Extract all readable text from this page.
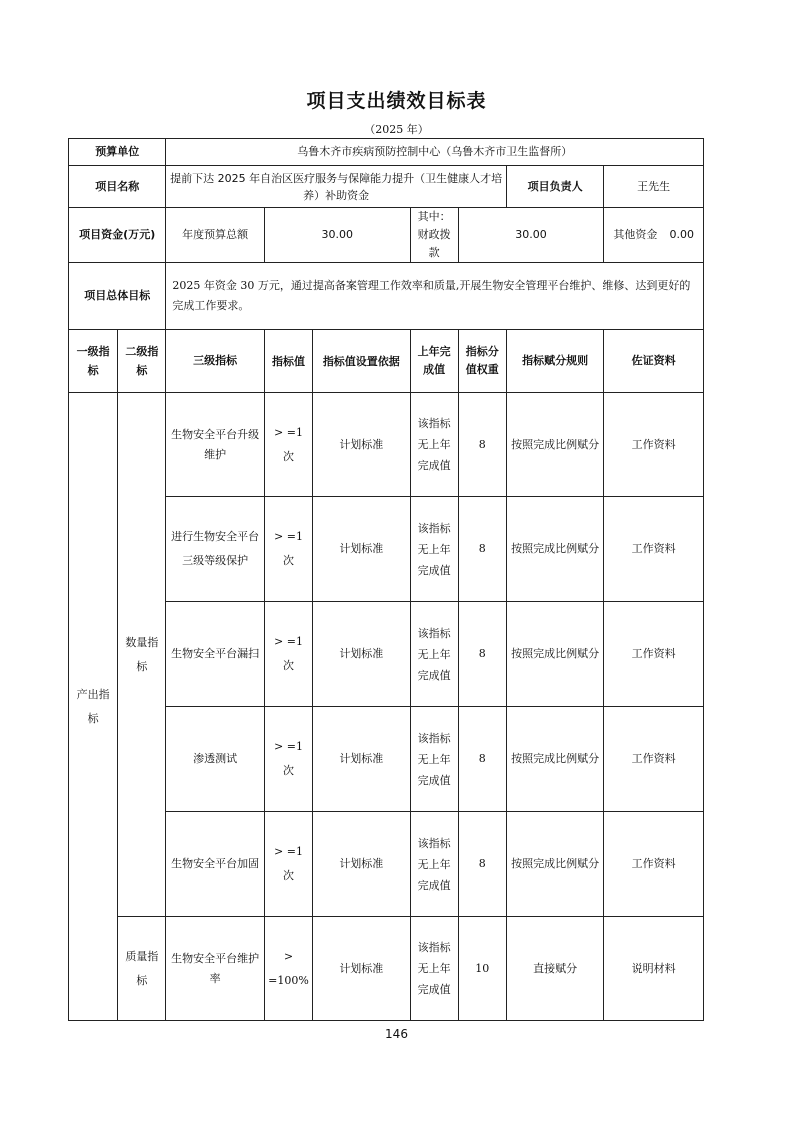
项目支出绩效目标表
（2025 年）
预算单位		乌鲁木齐市疾病预防控制中心（乌鲁木齐市卫生监督所）						
项目名称		提前下达 2025 年自治区医疗服务与保障能力提升（卫生健康人才培养）补助资金					项目负责人	王先生
项目资金(万元)		年度预算总额	30.00		其中：财政拨款	30.00		其他资金 0.00

项目总体目标		2025 年资金 30 万元，通过提高备案管理工作效率和质量,开展生物安全管理平台维护、维修、达到更好的完成工作要求。						
一级指标	二级指标	三级指标	指标值	指标值设置依据	上年完成值	指标分值权重	指标赋分规则	佐证资料
产出指标	数量指标	生物安全平台升级维护	> =1 次	计划标准	该指标无上年完成值	8	按照完成比例赋分	工作资料
		进行生物安全平台三级等级保护	> =1 次	计划标准	该指标无上年完成值	8	按照完成比例赋分	工作资料
		生物安全平台漏扫	> =1 次	计划标准	该指标无上年完成值	8	按照完成比例赋分	工作资料
		渗透测试	> =1 次	计划标准	该指标无上年完成值	8	按照完成比例赋分	工作资料
		生物安全平台加固	> =1 次	计划标准	该指标无上年完成值	8	按照完成比例赋分	工作资料
	质量指标	生物安全平台维护率	> =100%	计划标准	该指标无上年完成值	10	直接赋分	说明材料
146
